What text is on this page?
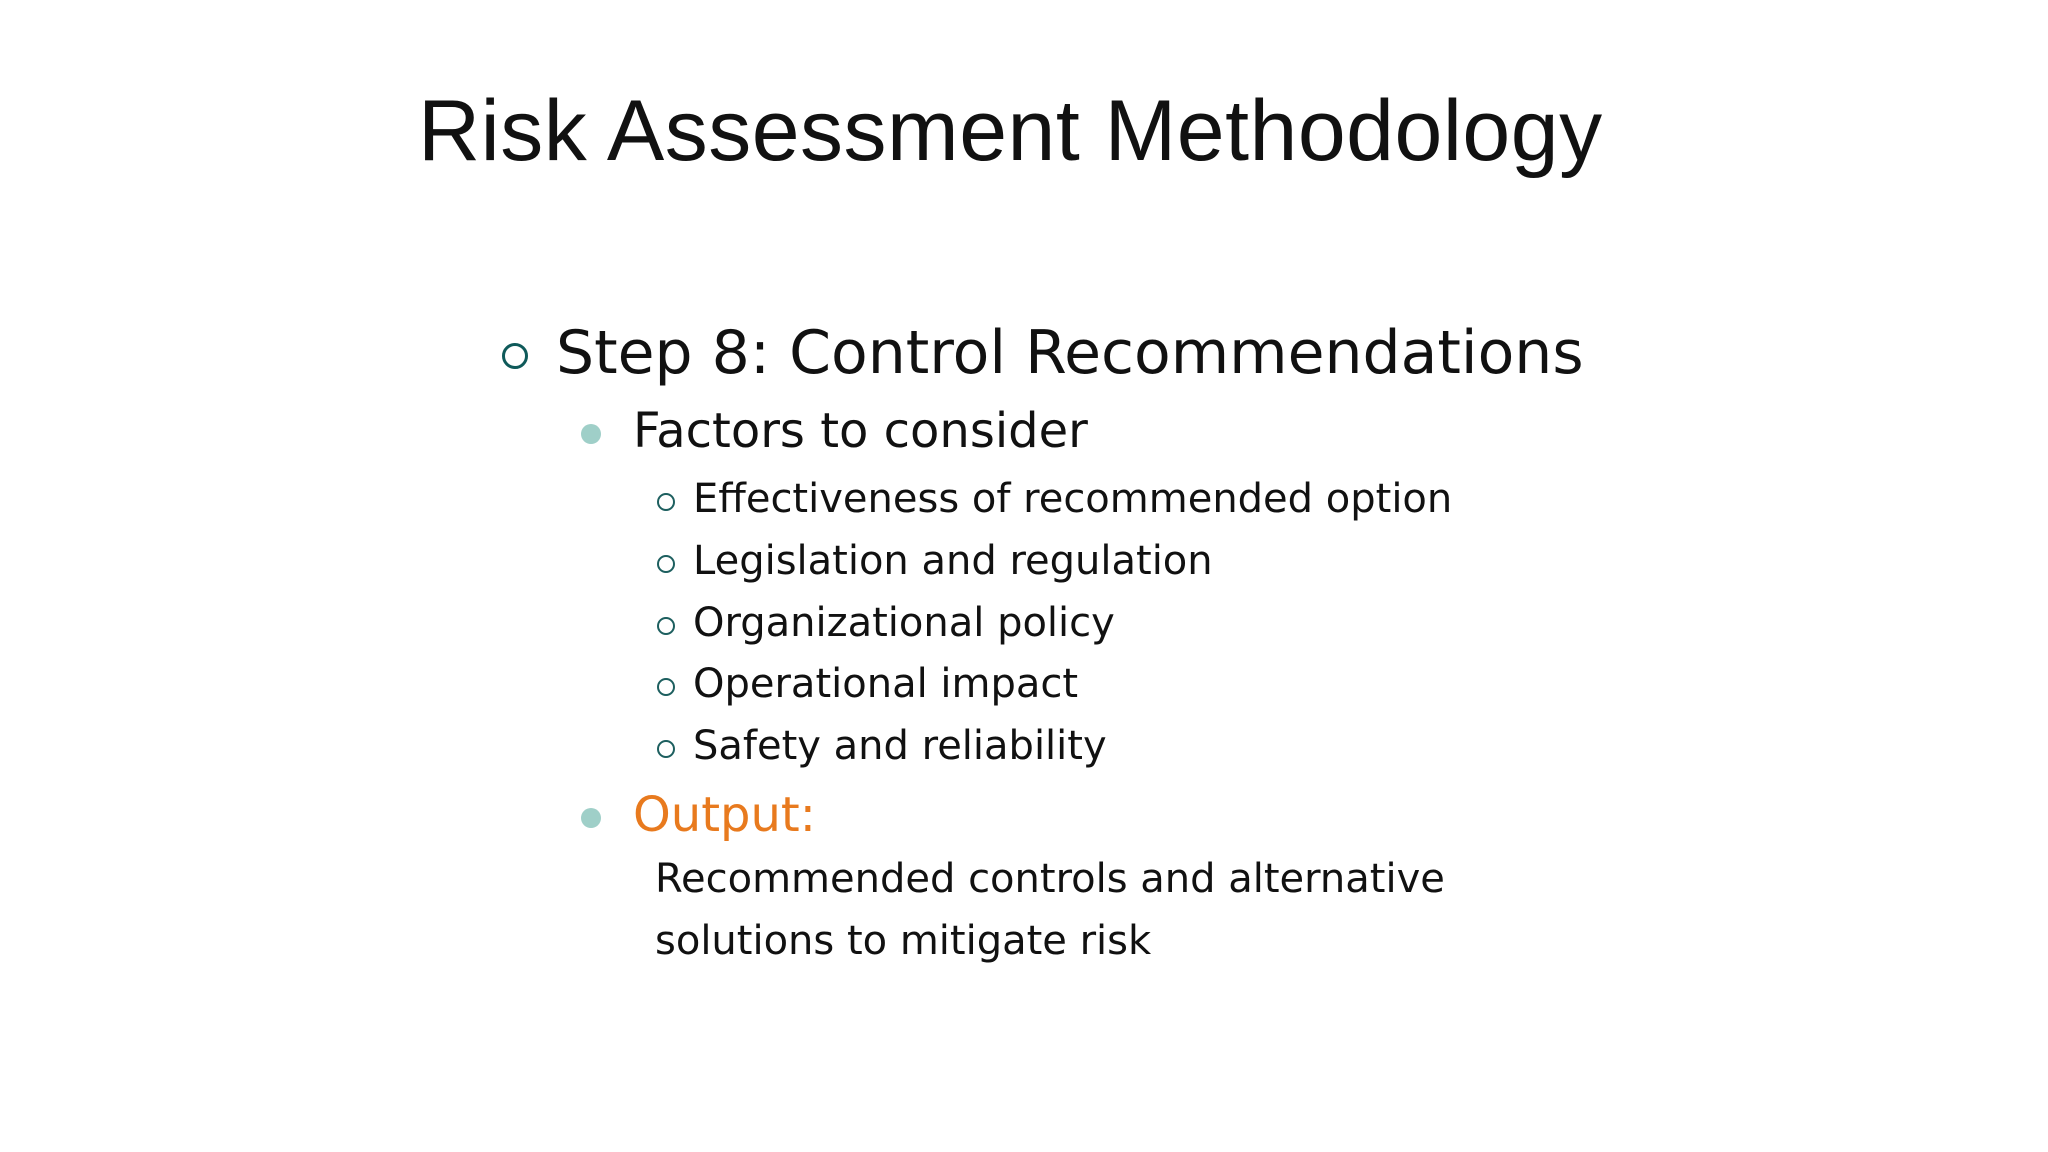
Risk Assessment Methodology
Step 8: Control Recommendations
Factors to consider
Effectiveness of recommended option
Legislation and regulation
Organizational policy
Operational impact
Safety and reliability
Output:
Recommended controls and alternative
solutions to mitigate risk
